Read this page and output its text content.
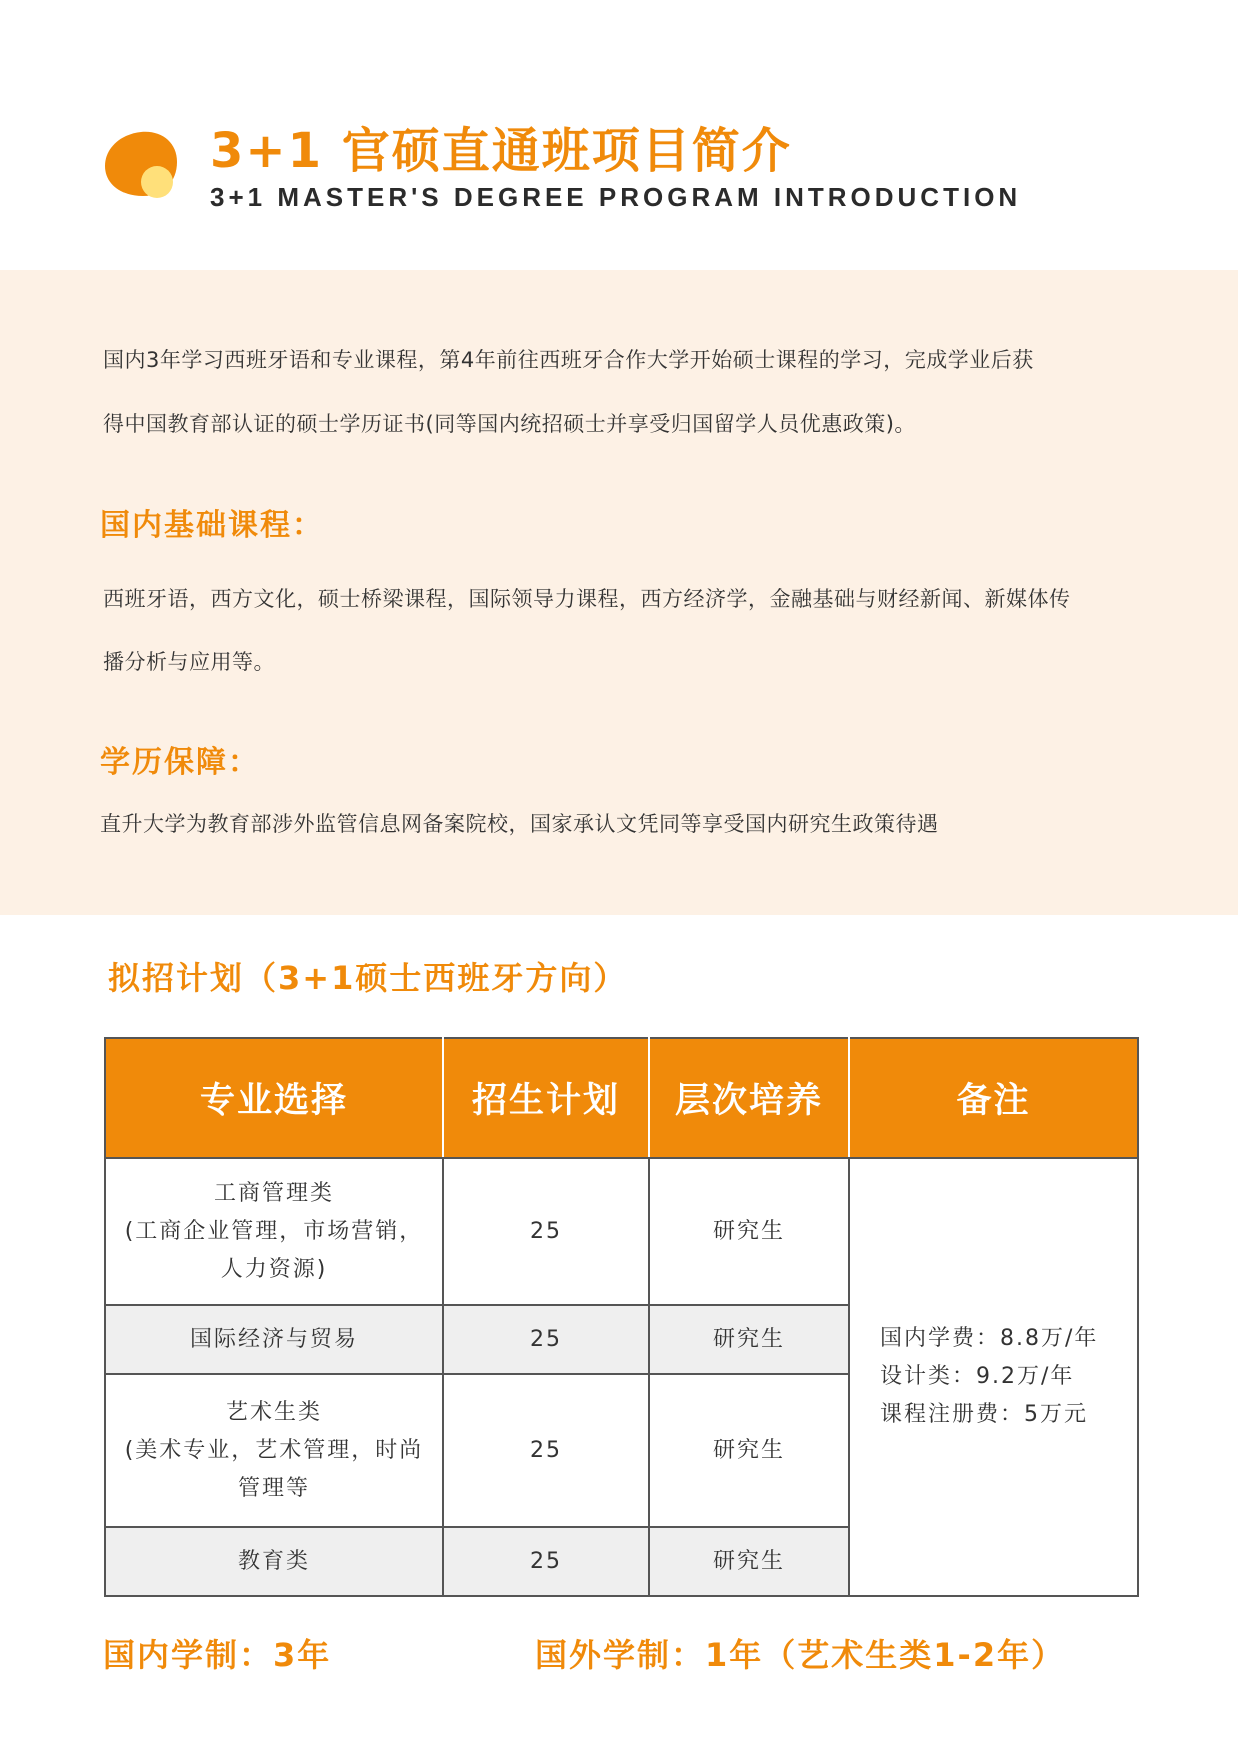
3+1 官硕直通班项目简介
3+1 MASTER'S DEGREE PROGRAM INTRODUCTION
国内3年学习西班牙语和专业课程，第4年前往西班牙合作大学开始硕士课程的学习，完成学业后获
得中国教育部认证的硕士学历证书(同等国内统招硕士并享受归国留学人员优惠政策)。
国内基础课程：
西班牙语，西方文化，硕士桥梁课程，国际领导力课程，西方经济学，金融基础与财经新闻、新媒体传
播分析与应用等。
学历保障：
直升大学为教育部涉外监管信息网备案院校，国家承认文凭同等享受国内研究生政策待遇
拟招计划（3+1硕士西班牙方向）
专业选择	招生计划	层次培养	备注

工商管理类
(工商企业管理，市场营销，
人力资源)	25	研究生	国内学费：8.8万/年
设计类：9.2万/年
课程注册费：5万元

国际经济与贸易	25	研究生	

艺术生类
(美术专业，艺术管理，时尚
管理等	25	研究生	

教育类	25	研究生	
国内学制：3年	国外学制：1年（艺术生类1-2年）
